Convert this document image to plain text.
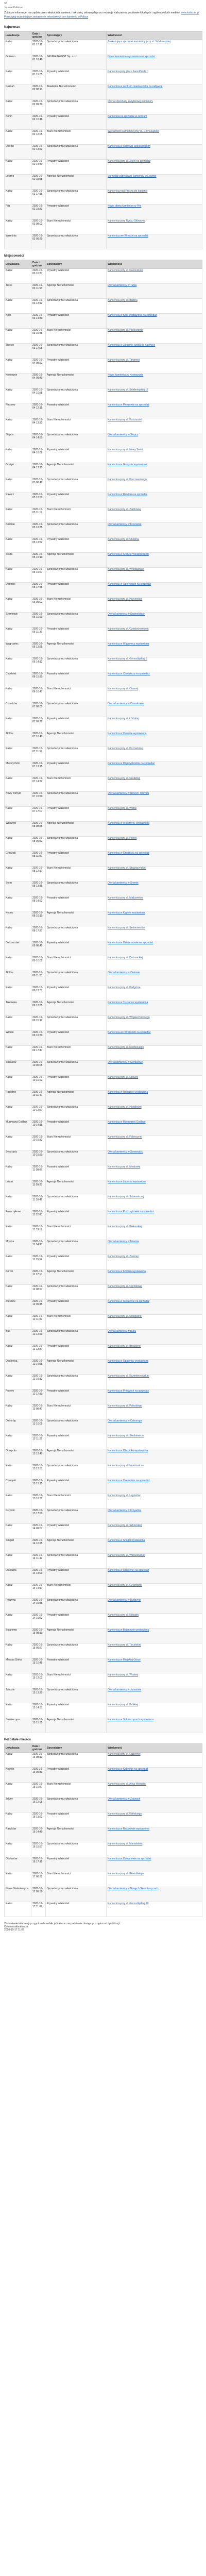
30
Journal Kaliszan
Zbiorcze informacje, na rządzie przez właściciela kamienic i tak dalej, zebranych przez redakcje Kaliszan na podstawie lokalnych i ogólnopolskich mediów. www.kaliszan.pl
Przeczytaj wcześniejsze zestawienie rekordowych cen kamienic w Polsce
Najnowsze
Lokalizacja	Data i godzina	Sprzedający	Wiadomość
Kalisz	2020-10-01 17:12	Sprzedaż przez właściciela	Zaskakująca sprzedaż kamienicy przy ul. Śródmiejskiej
Gniezno	2020-10-01 18:40	GRUPA INWEST Sp. z o.o.	Nowa kamienica wystawiona na sprzedaż
Kalisz	2020-10-01 19:05	Prywatny właściciel	Kamienica przy placu Jana Pawła II
Poznań	2020-10-02 08:13	Akademia Nieruchomości	Kamienica w centrum miasta czeka na nabywcę
Kalisz	2020-10-02 09:30	Sprzedaż przez właściciela	Oferta sprzedaży zabytkowej kamienicy
Konin	2020-10-02 10:48	Prywatny właściciel	Kamienica na sprzedaż w centrum
Kalisz	2020-10-02 12:05	Biuro Nieruchomości	Wystawiono kamienicę przy ul. Górnośląskiej
Ostrów	2020-10-02 13:22	Sprzedaż przez właściciela	Kamienica w Ostrowie Wielkopolskim
Kalisz	2020-10-02 14:40	Prywatny właściciel	Kamienica przy ul. Złotej na sprzedaż
Leszno	2020-10-02 15:58	Agencja Nieruchomości	Sprzedaż zabytkowej kamienicy w Lesznie
Kalisz	2020-10-02 17:15	Sprzedaż przez właściciela	Kamienica nad Prosną do kupienia
Piła	2020-10-02 18:33	Prywatny właściciel	Nowa oferta kamienicy w Pile
Kalisz	2020-10-03 08:02	Biuro Nieruchomości	Kamienica przy Rynku Głównym
Września	2020-10-03 09:20	Sprzedaż przez właściciela	Kamienica we Wrześni na sprzedaż
Miejscowości
Lokalizacja	Data i godzina	Sprzedający	Wiadomość
Kalisz	2020-10-03 10:37	Prywatny właściciel	Kamienica przy ul. Kanonickiej
Turek	2020-10-03 11:55	Agencja Nieruchomości	Oferta kamienicy w Turku
Kalisz	2020-10-03 13:12	Sprzedaż przez właściciela	Kamienica przy ul. Babina
Koło	2020-10-03 14:30	Prywatny właściciel	Kamienica w Kole wystawiona na sprzedaż
Kalisz	2020-10-03 15:48	Biuro Nieruchomości	Kamienica przy ul. Piskorzewie
Jarocin	2020-10-03 17:05	Sprzedaż przez właściciela	Kamienica w Jarocinie czeka na nabywcę
Kalisz	2020-10-04 08:22	Prywatny właściciel	Kamienica przy ul. Targowej
Krotoszyn	2020-10-04 09:40	Agencja Nieruchomości	Nowa kamienica w Krotoszynie
Kalisz	2020-10-04 10:58	Sprzedaż przez właściciela	Kamienica przy ul. Śródmiejskiej 12
Pleszew	2020-10-04 12:15	Prywatny właściciel	Kamienica w Pleszewie na sprzedaż
Kalisz	2020-10-04 13:33	Biuro Nieruchomości	Kamienica przy ul. Kościuszki
Słupca	2020-10-04 14:50	Sprzedaż przez właściciela	Oferta kamienicy w Słupcy
Kalisz	2020-10-04 16:08	Prywatny właściciel	Kamienica przy ul. Nowy Świat
Gostyń	2020-10-04 17:25	Agencja Nieruchomości	Kamienica w Gostyniu wystawiona
Kalisz	2020-10-05 08:42	Sprzedaż przez właściciela	Kamienica przy ul. Parczewskiego
Rawicz	2020-10-05 10:00	Prywatny właściciel	Kamienica w Rawiczu na sprzedaż
Kalisz	2020-10-05 11:17	Biuro Nieruchomości	Kamienica przy ul. Zamkowej
Kościan	2020-10-05 12:35	Sprzedaż przez właściciela	Oferta kamienicy w Kościanie
Kalisz	2020-10-05 13:52	Prywatny właściciel	Kamienica przy ul. Chopina
Środa	2020-10-05 15:10	Agencja Nieruchomości	Kamienica w Środzie Wielkopolskiej
Kalisz	2020-10-05 16:27	Sprzedaż przez właściciela	Kamienica przy ul. Wrocławskiej
Oborniki	2020-10-05 17:45	Prywatny właściciel	Kamienica w Obornikach na sprzedaż
Kalisz	2020-10-06 09:02	Biuro Nieruchomości	Kamienica przy ul. Harcerskiej
Szamotuły	2020-10-06 10:20	Sprzedaż przez właściciela	Oferta kamienicy w Szamotułach
Kalisz	2020-10-06 11:37	Prywatny właściciel	Kamienica przy ul. Częstochowskiej
Wągrowiec	2020-10-06 12:55	Agencja Nieruchomości	Kamienica w Wągrowcu wystawiona
Kalisz	2020-10-06 14:12	Sprzedaż przez właściciela	Kamienica przy ul. Górnośląskiej 5
Chodzież	2020-10-06 15:30	Prywatny właściciel	Kamienica w Chodzieży na sprzedaż
Kalisz	2020-10-06 16:47	Biuro Nieruchomości	Kamienica przy ul. Ciasnej
Czarnków	2020-10-07 08:05	Sprzedaż przez właściciela	Oferta kamienicy w Czarnkowie
Kalisz	2020-10-07 09:22	Prywatny właściciel	Kamienica przy ul. Łódzkiej
Złotów	2020-10-07 10:40	Agencja Nieruchomości	Kamienica w Złotowie wystawiona
Kalisz	2020-10-07 11:57	Sprzedaż przez właściciela	Kamienica przy ul. Poznańskiej
Międzychód	2020-10-07 13:15	Prywatny właściciel	Kamienica w Międzychodzie na sprzedaż
Kalisz	2020-10-07 14:32	Biuro Nieruchomości	Kamienica przy ul. Grodzkiej
Nowy Tomyśl	2020-10-07 15:50	Sprzedaż przez właściciela	Oferta kamienicy w Nowym Tomyślu
Kalisz	2020-10-07 17:07	Prywatny właściciel	Kamienica przy ul. Widok
Wolsztyn	2020-10-08 08:25	Agencja Nieruchomości	Kamienica w Wolsztynie wystawiona
Kalisz	2020-10-08 09:42	Sprzedaż przez właściciela	Kamienica przy ul. Polnej
Grodzisk	2020-10-08 11:00	Prywatny właściciel	Kamienica w Grodzisku na sprzedaż
Kalisz	2020-10-08 12:17	Biuro Nieruchomości	Kamienica przy ul. Stawiszyńskiej
Śrem	2020-10-08 13:35	Sprzedaż przez właściciela	Oferta kamienicy w Śremie
Kalisz	2020-10-08 14:52	Prywatny właściciel	Kamienica przy ul. Majkowskiej
Kępno	2020-10-08 16:10	Agencja Nieruchomości	Kamienica w Kępnie wystawiona
Kalisz	2020-10-08 17:27	Sprzedaż przez właściciela	Kamienica przy ul. Serbinowskiej
Ostrzeszów	2020-10-09 08:45	Prywatny właściciel	Kamienica w Ostrzeszowie na sprzedaż
Kalisz	2020-10-09 10:02	Biuro Nieruchomości	Kamienica przy ul. Dobrzeckiej
Złotów	2020-10-09 11:20	Sprzedaż przez właściciela	Oferta kamienicy w Złotowie
Kalisz	2020-10-09 12:37	Prywatny właściciel	Kamienica przy ul. Podgórze
Trzcianka	2020-10-09 13:55	Agencja Nieruchomości	Kamienica w Trzciance wystawiona
Kalisz	2020-10-09 15:12	Sprzedaż przez właściciela	Kamienica przy ul. Wojska Polskiego
Wronki	2020-10-09 16:30	Prywatny właściciel	Kamienica we Wronkach na sprzedaż
Kalisz	2020-10-09 17:47	Biuro Nieruchomości	Kamienica przy ul. Kordeckiego
Sieraków	2020-10-10 09:05	Sprzedaż przez właściciela	Oferta kamienicy w Sierakowie
Kalisz	2020-10-10 10:22	Prywatny właściciel	Kamienica przy ul. Lipowej
Rogoźno	2020-10-10 11:40	Agencja Nieruchomości	Kamienica w Rogoźnie wystawiona
Kalisz	2020-10-10 12:57	Sprzedaż przez właściciela	Kamienica przy ul. Handlowej
Murowana Goślina	2020-10-10 14:15	Prywatny właściciel	Kamienica w Murowanej Goślinie
Kalisz	2020-10-10 15:32	Biuro Nieruchomości	Kamienica przy ul. Fabrycznej
Swarzędz	2020-10-10 16:50	Sprzedaż przez właściciela	Oferta kamienicy w Swarzędzu
Kalisz	2020-10-11 08:07	Prywatny właściciel	Kamienica przy ul. Mostowej
Luboń	2020-10-11 09:25	Agencja Nieruchomości	Kamienica w Luboniu wystawiona
Kalisz	2020-10-11 10:42	Sprzedaż przez właściciela	Kamienica przy ul. Sukienniczej
Puszczykowo	2020-10-11 12:00	Prywatny właściciel	Kamienica w Puszczykowie na sprzedaż
Kalisz	2020-10-11 13:17	Biuro Nieruchomości	Kamienica przy ul. Piekarskiej
Mosina	2020-10-11 14:35	Sprzedaż przez właściciela	Oferta kamienicy w Mosinie
Kalisz	2020-10-11 15:52	Prywatny właściciel	Kamienica przy ul. Zielonej
Kórnik	2020-10-11 17:10	Agencja Nieruchomości	Kamienica w Kórniku wystawiona
Kalisz	2020-10-12 08:27	Sprzedaż przez właściciela	Kamienica przy ul. Ogrodowej
Stęszew	2020-10-12 09:45	Prywatny właściciel	Kamienica w Stęszewie na sprzedaż
Kalisz	2020-10-12 11:02	Biuro Nieruchomości	Kamienica przy ul. Kolegialnej
Buk	2020-10-12 12:20	Sprzedaż przez właściciela	Oferta kamienicy w Buku
Kalisz	2020-10-12 13:37	Prywatny właściciel	Kamienica przy ul. Browarnej
Opalenica	2020-10-12 14:55	Agencja Nieruchomości	Kamienica w Opalenicy wystawiona
Kalisz	2020-10-12 16:12	Sprzedaż przez właściciela	Kamienica przy ul. Kazimierzowskiej
Pniewy	2020-10-12 17:30	Prywatny właściciel	Kamienica w Pniewach na sprzedaż
Kalisz	2020-10-13 08:47	Biuro Nieruchomości	Kamienica przy ul. Pułaskiego
Ostroróg	2020-10-13 10:05	Sprzedaż przez właściciela	Oferta kamienicy w Ostrorogu
Kalisz	2020-10-13 11:22	Prywatny właściciel	Kamienica przy ul. Sienkiewicza
Obrzycko	2020-10-13 12:40	Agencja Nieruchomości	Kamienica w Obrzycku wystawiona
Kalisz	2020-10-13 13:57	Sprzedaż przez właściciela	Kamienica przy ul. Narutowicza
Czempiń	2020-10-13 15:15	Prywatny właściciel	Kamienica w Czempiniu na sprzedaż
Kalisz	2020-10-13 16:32	Biuro Nieruchomości	Kamienica przy ul. Legionów
Krzywiń	2020-10-13 17:50	Sprzedaż przez właściciela	Oferta kamienicy w Krzywiniu
Kalisz	2020-10-14 09:07	Prywatny właściciel	Kamienica przy ul. Szklarskiej
Śmigiel	2020-10-14 10:25	Agencja Nieruchomości	Kamienica w Śmiglu wystawiona
Kalisz	2020-10-14 11:42	Sprzedaż przez właściciela	Kamienica przy ul. Warszawskiej
Osieczna	2020-10-14 13:00	Prywatny właściciel	Kamienica w Osiecznej na sprzedaż
Kalisz	2020-10-14 14:17	Biuro Nieruchomości	Kamienica przy ul. Rzeźniczej
Rydzyna	2020-10-14 15:35	Sprzedaż przez właściciela	Oferta kamienicy w Rydzynie
Kalisz	2020-10-14 16:52	Prywatny właściciel	Kamienica przy ul. Niecałej
Bojanowo	2020-10-15 08:10	Agencja Nieruchomości	Kamienica w Bojanowie wystawiona
Kalisz	2020-10-15 09:27	Sprzedaż przez właściciela	Kamienica przy ul. Toruńskiej
Miejska Górka	2020-10-15 10:45	Prywatny właściciel	Kamienica w Miejskiej Górce
Kalisz	2020-10-15 12:02	Biuro Nieruchomości	Kamienica przy ul. Wodnej
Jutrosin	2020-10-15 13:20	Sprzedaż przez właściciela	Oferta kamienicy w Jutrosinie
Kalisz	2020-10-15 14:37	Prywatny właściciel	Kamienica przy ul. Krótkiej
Sulmierzyce	2020-10-15 15:55	Agencja Nieruchomości	Kamienica w Sulmierzycach wystawiona
Pozostałe miejsca
Lokalizacja	Data i godzina	Sprzedający	Wiadomość
Kalisz	2020-10-16 08:12	Sprzedaż przez właściciela	Kamienica przy ul. Łaziennej
Kobylin	2020-10-16 09:30	Prywatny właściciel	Kamienica w Kobylinie na sprzedaż
Kalisz	2020-10-16 10:47	Biuro Nieruchomości	Kamienica przy ul. Aleja Wolności
Zduny	2020-10-16 12:05	Sprzedaż przez właściciela	Oferta kamienicy w Zdunach
Kalisz	2020-10-16 13:22	Prywatny właściciel	Kamienica przy ul. Kilińskiego
Raszków	2020-10-16 14:40	Agencja Nieruchomości	Kamienica w Raszkowie wystawiona
Kalisz	2020-10-16 15:57	Sprzedaż przez właściciela	Kamienica przy ul. Mariańskiej
Odolanów	2020-10-16 17:15	Prywatny właściciel	Kamienica w Odolanowie na sprzedaż
Kalisz	2020-10-17 08:32	Biuro Nieruchomości	Kamienica przy ul. Piłsudskiego
Nowe Skalmierzyce	2020-10-17 09:50	Sprzedaż przez właściciela	Oferta kamienicy w Nowych Skalmierzycach
Kalisz	2020-10-17 11:07	Prywatny właściciel	Kamienica przy ul. Górnośląskiej 20
Zestawienie informacji przygotowała redakcja Kaliszan na podstawie dostępnych ogłoszeń i publikacji.
Ostatnia aktualizacja:
2020-10-17 11:07
